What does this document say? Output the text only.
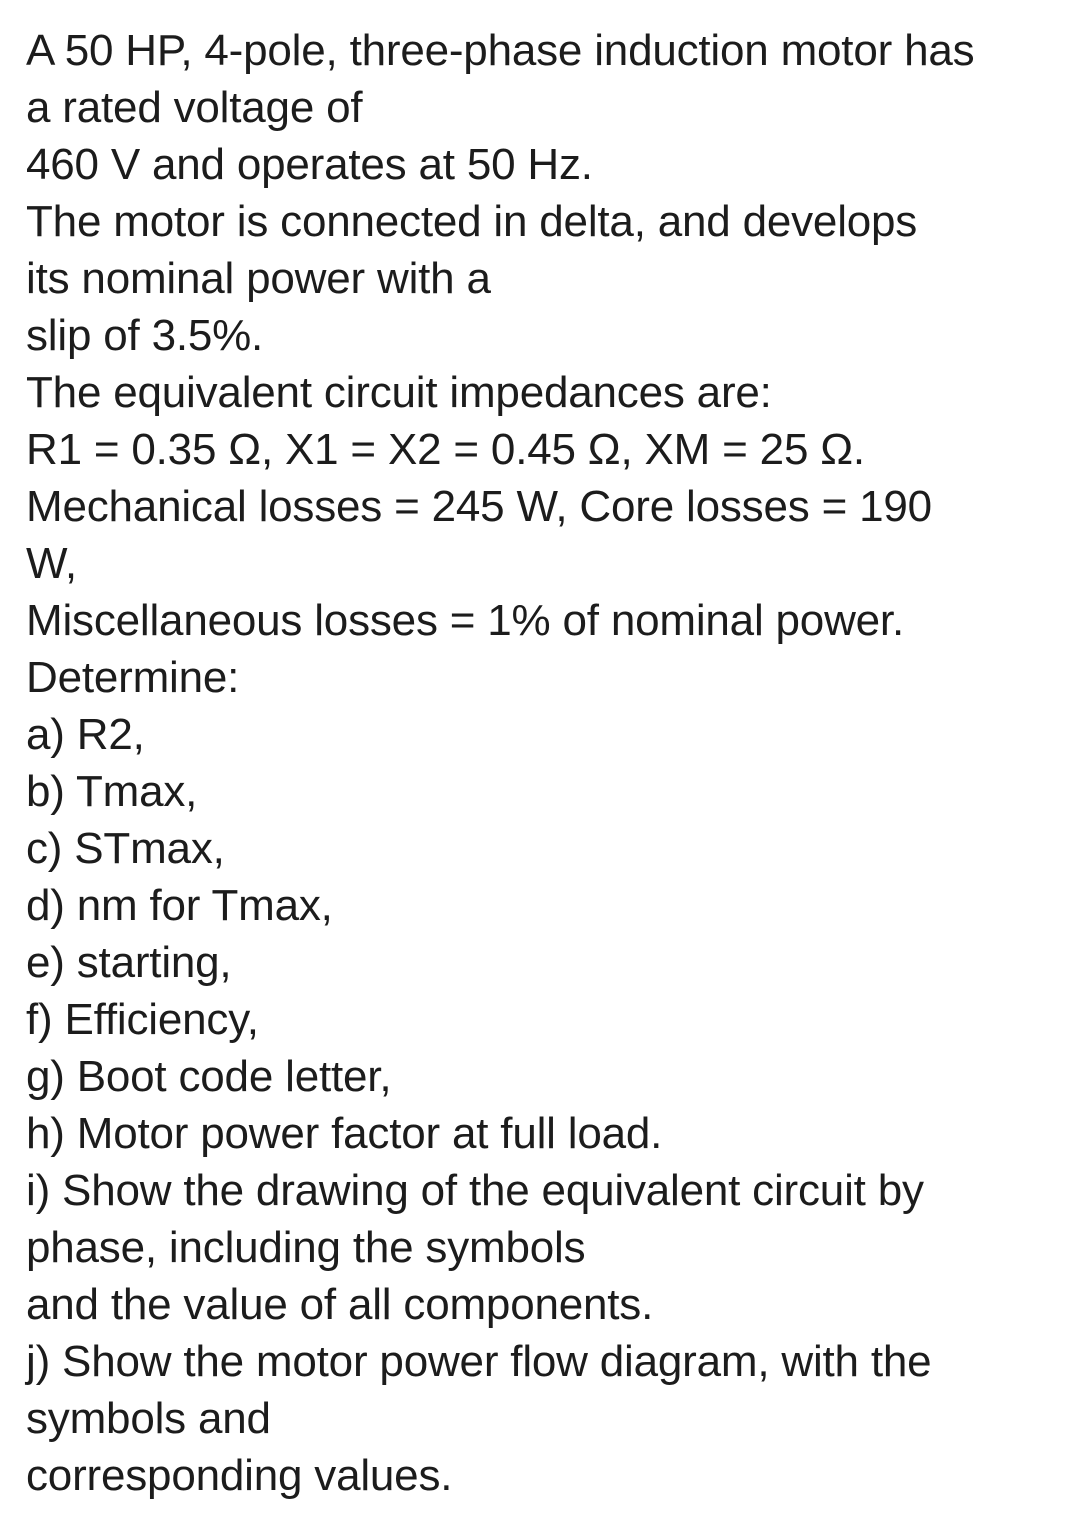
A 50 HP, 4-pole, three-phase induction motor has
a rated voltage of
460 V and operates at 50 Hz.
The motor is connected in delta, and develops
its nominal power with a
slip of 3.5%.
The equivalent circuit impedances are:
R1 = 0.35 Ω, X1 = X2 = 0.45 Ω, XM = 25 Ω.
Mechanical losses = 245 W, Core losses = 190
W,
Miscellaneous losses = 1% of nominal power.
Determine:
a) R2,
b) Tmax,
c) STmax,
d) nm for Tmax,
e) starting,
f) Efficiency,
g) Boot code letter,
h) Motor power factor at full load.
i) Show the drawing of the equivalent circuit by
phase, including the symbols
and the value of all components.
j) Show the motor power flow diagram, with the
symbols and
corresponding values.
